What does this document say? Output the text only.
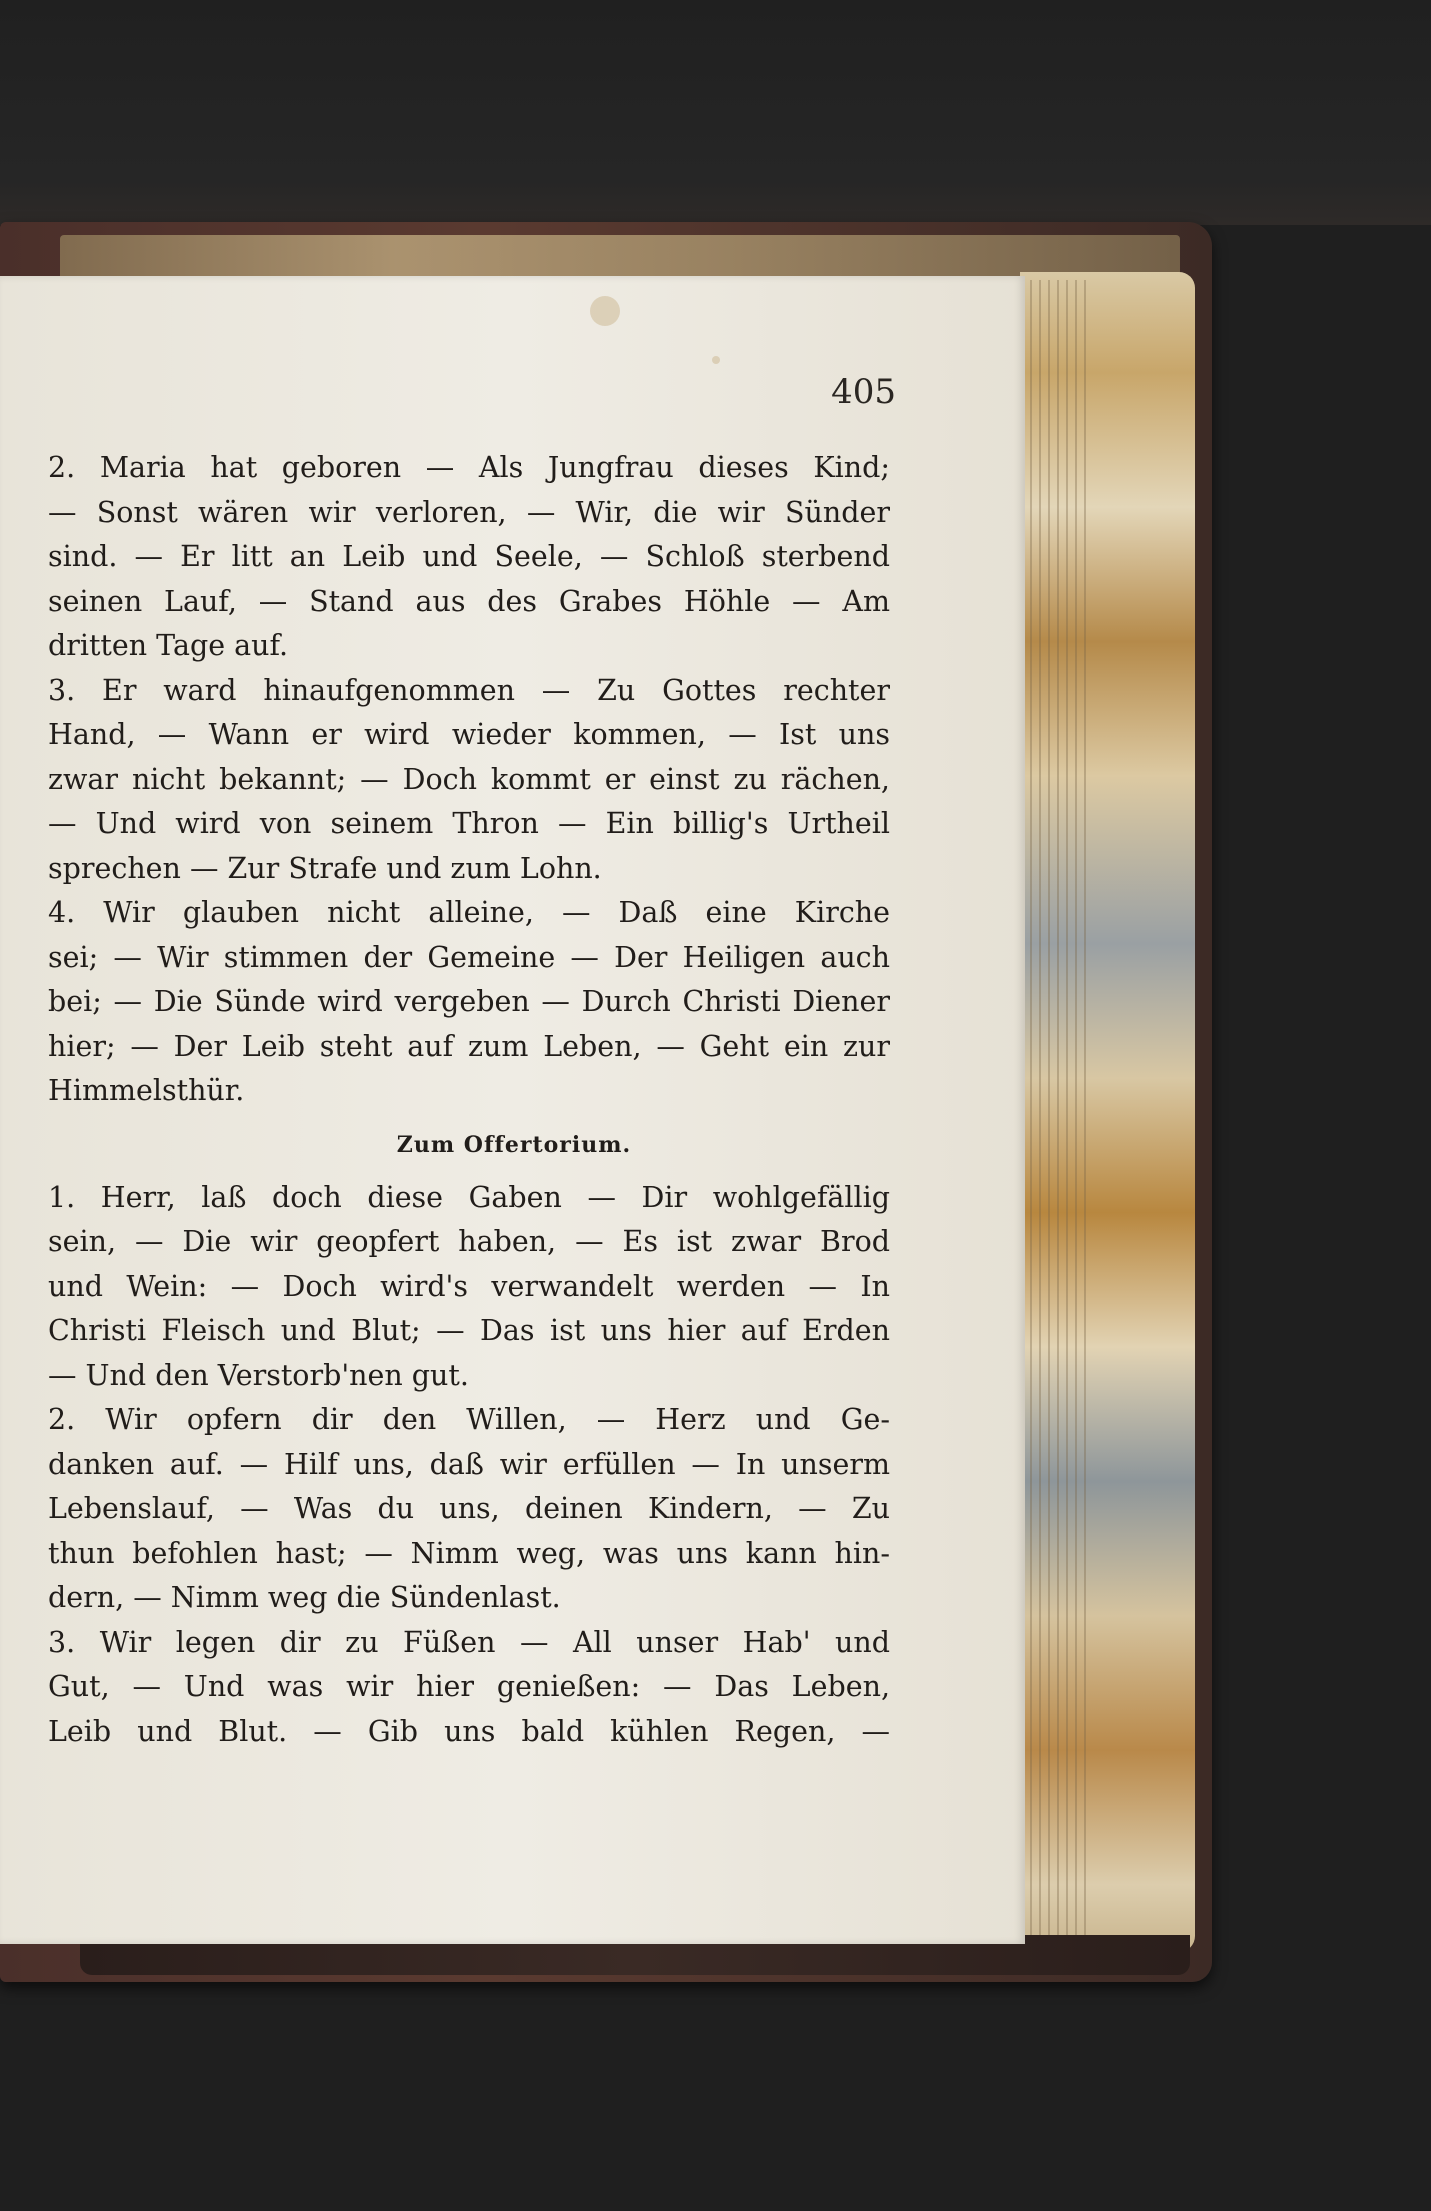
405
2. Maria hat geboren — Als Jungfrau dieses Kind;
— Sonst wären wir verloren, — Wir, die wir Sünder
sind. — Er litt an Leib und Seele, — Schloß sterbend
seinen Lauf, — Stand aus des Grabes Höhle — Am
dritten Tage auf.
3. Er ward hinaufgenommen — Zu Gottes rechter
Hand, — Wann er wird wieder kommen, — Ist uns
zwar nicht bekannt; — Doch kommt er einst zu rächen,
— Und wird von seinem Thron — Ein billig's Urtheil
sprechen — Zur Strafe und zum Lohn.
4. Wir glauben nicht alleine, — Daß eine Kirche
sei; — Wir stimmen der Gemeine — Der Heiligen auch
bei; — Die Sünde wird vergeben — Durch Christi Diener
hier; — Der Leib steht auf zum Leben, — Geht ein zur
Himmelsthür.
Zum Offertorium.
1. Herr, laß doch diese Gaben — Dir wohlgefällig
sein, — Die wir geopfert haben, — Es ist zwar Brod
und Wein: — Doch wird's verwandelt werden — In
Christi Fleisch und Blut; — Das ist uns hier auf Erden
— Und den Verstorb'nen gut.
2. Wir opfern dir den Willen, — Herz und Ge-
danken auf. — Hilf uns, daß wir erfüllen — In unserm
Lebenslauf, — Was du uns, deinen Kindern, — Zu
thun befohlen hast; — Nimm weg, was uns kann hin-
dern, — Nimm weg die Sündenlast.
3. Wir legen dir zu Füßen — All unser Hab' und
Gut, — Und was wir hier genießen: — Das Leben,
Leib und Blut. — Gib uns bald kühlen Regen, —
